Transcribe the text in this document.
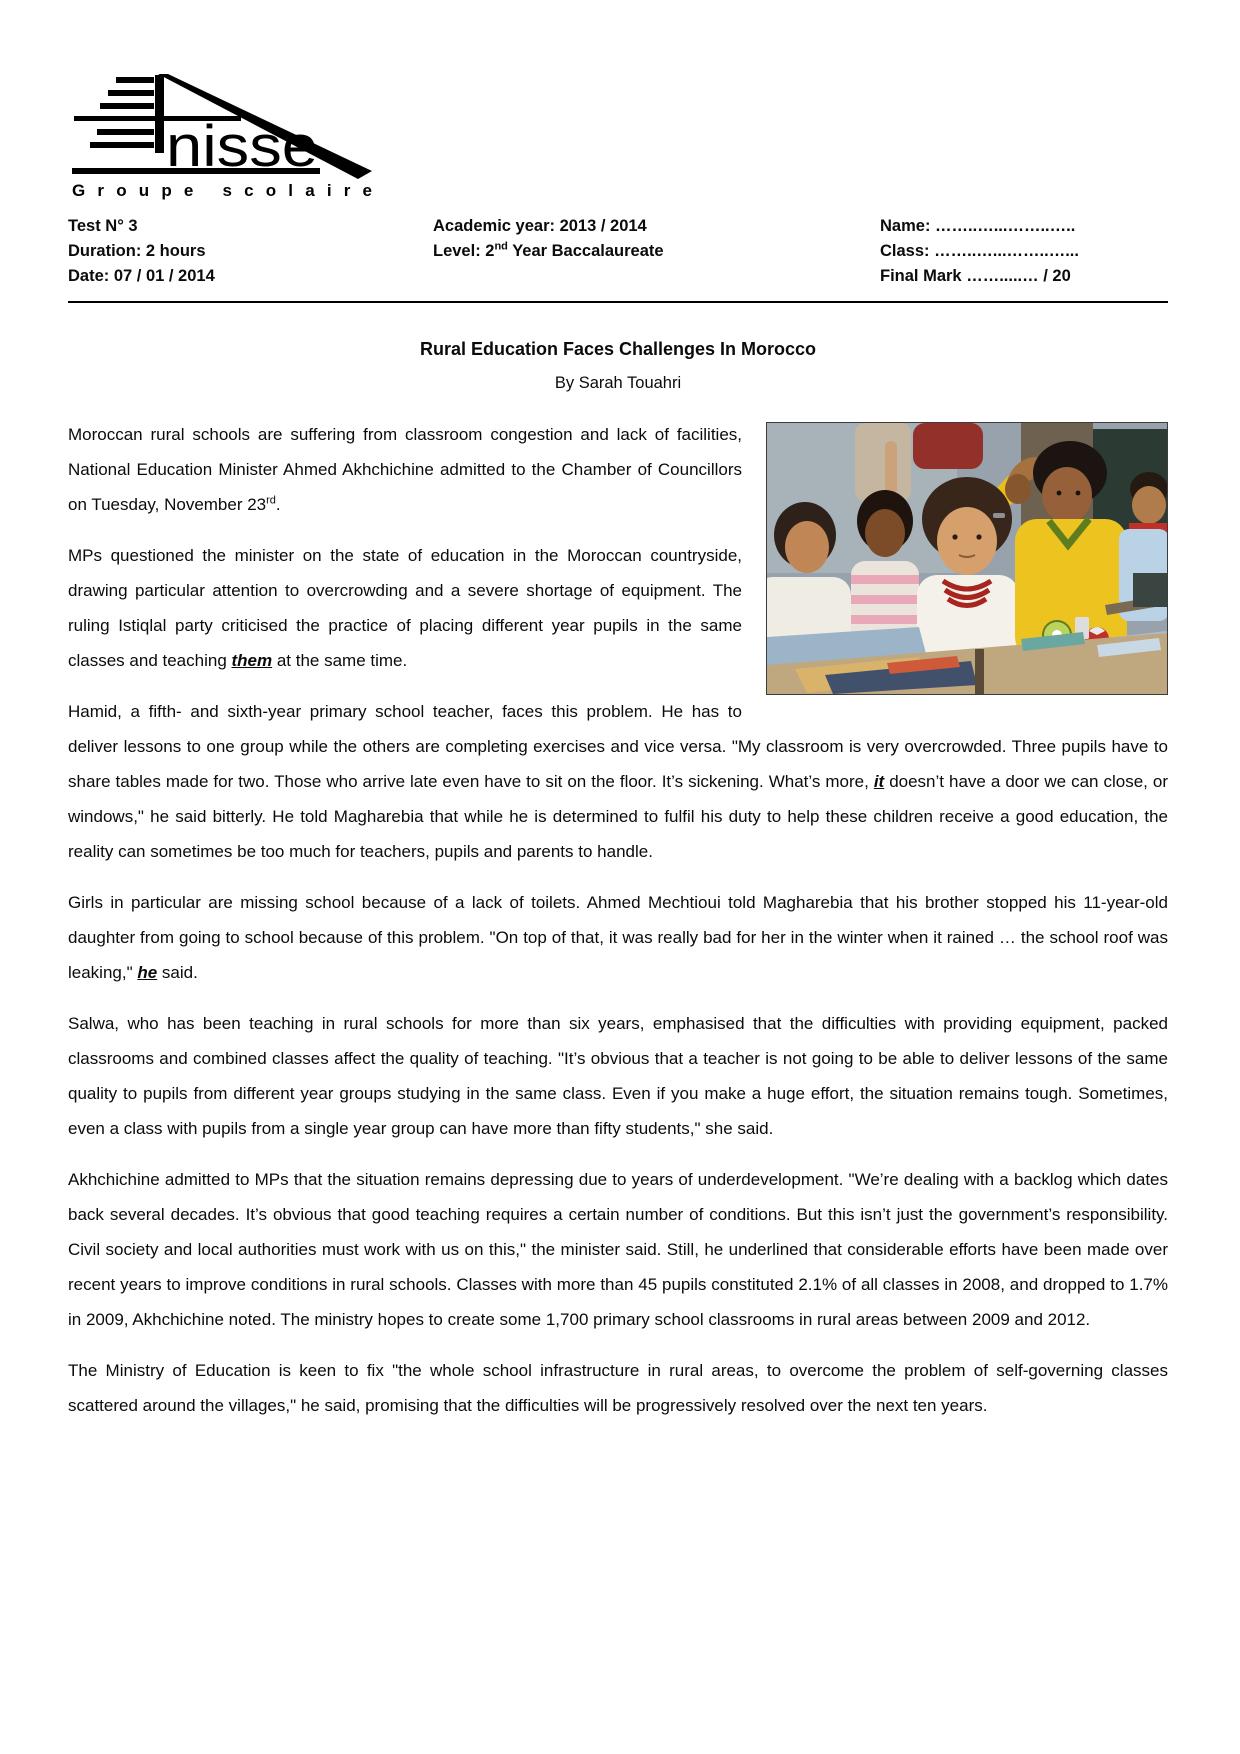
nisse
Groupe scolaire
Test N° 3
Duration: 2 hours
Date: 07 / 01 / 2014
Academic year: 2013 / 2014
Level: 2nd Year Baccalaureate
Name: ……..…...……..…..
Class: ……..…...……..…...
Final Mark …….....… / 20
Rural Education Faces Challenges In Morocco
By Sarah Touahri

Moroccan rural schools are suffering from classroom congestion and lack of facilities, National Education Minister Ahmed Akhchichine admitted to the Chamber of Councillors on Tuesday, November 23rd.

MPs questioned the minister on the state of education in the Moroccan countryside, drawing particular attention to overcrowding and a severe shortage of equipment. The ruling Istiqlal party criticised the practice of placing different year pupils in the same classes and teaching them at the same time.

Hamid, a fifth- and sixth-year primary school teacher, faces this problem. He has to deliver lessons to one group while the others are completing exercises and vice versa. "My classroom is very overcrowded. Three pupils have to share tables made for two. Those who arrive late even have to sit on the floor. It’s sickening. What’s more, it doesn’t have a door we can close, or windows," he said bitterly. He told Magharebia that while he is determined to fulfil his duty to help these children receive a good education, the reality can sometimes be too much for teachers, pupils and parents to handle.

Girls in particular are missing school because of a lack of toilets. Ahmed Mechtioui told Magharebia that his brother stopped his 11-year-old daughter from going to school because of this problem. "On top of that, it was really bad for her in the winter when it rained … the school roof was leaking," he said.

Salwa, who has been teaching in rural schools for more than six years, emphasised that the difficulties with providing equipment, packed classrooms and combined classes affect the quality of teaching. "It’s obvious that a teacher is not going to be able to deliver lessons of the same quality to pupils from different year groups studying in the same class. Even if you make a huge effort, the situation remains tough. Sometimes, even a class with pupils from a single year group can have more than fifty students," she said.

Akhchichine admitted to MPs that the situation remains depressing due to years of underdevelopment. "We’re dealing with a backlog which dates back several decades. It’s obvious that good teaching requires a certain number of conditions. But this isn’t just the government’s responsibility. Civil society and local authorities must work with us on this," the minister said. Still, he underlined that considerable efforts have been made over recent years to improve conditions in rural schools. Classes with more than 45 pupils constituted 2.1% of all classes in 2008, and dropped to 1.7% in 2009, Akhchichine noted. The ministry hopes to create some 1,700 primary school classrooms in rural areas between 2009 and 2012.

The Ministry of Education is keen to fix "the whole school infrastructure in rural areas, to overcome the problem of self-governing classes scattered around the villages," he said, promising that the difficulties will be progressively resolved over the next ten years.
